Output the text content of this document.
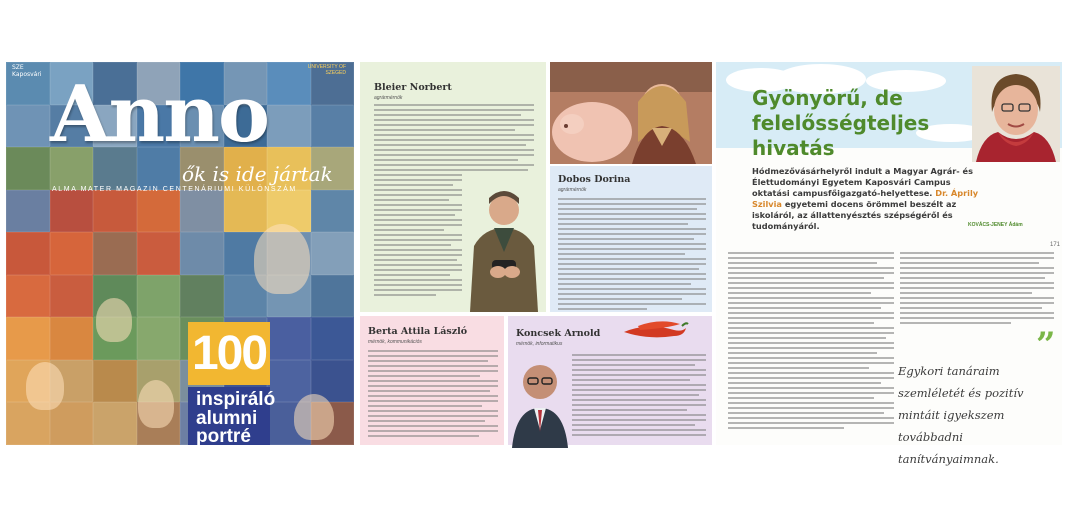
SZE
Kaposvári
UNIVERSITY OF SZEGED
Anno
ők is ide jártak
ALMA MATER MAGAZIN CENTENÁRIUMI KÜLÖNSZÁM
100
inspiráló
alumni
portré
Bleier Norbert
agrármérnök
Dobos Dorina
agrármérnök
Berta Attila László
mérnök, kommunikációs
Koncsek Arnold
mérnök, informatikus
Gyönyörű, de felelősségteljes hivatás
Hódmezővásárhelyről indult a Magyar Agrár- és Élettudományi Egyetem Kaposvári Campus oktatási campusfőigazgató-helyettese. Dr. Áprily Szilvia egyetemi docens örömmel beszélt az iskoláról, az állattenyésztés szépségéről és tudományáról.	KOVÁCS-JENEY Ádám
171
”
Egykori tanáraim szemléletét és pozitív mintáit igyekszem továbbadni tanítványaimnak.
